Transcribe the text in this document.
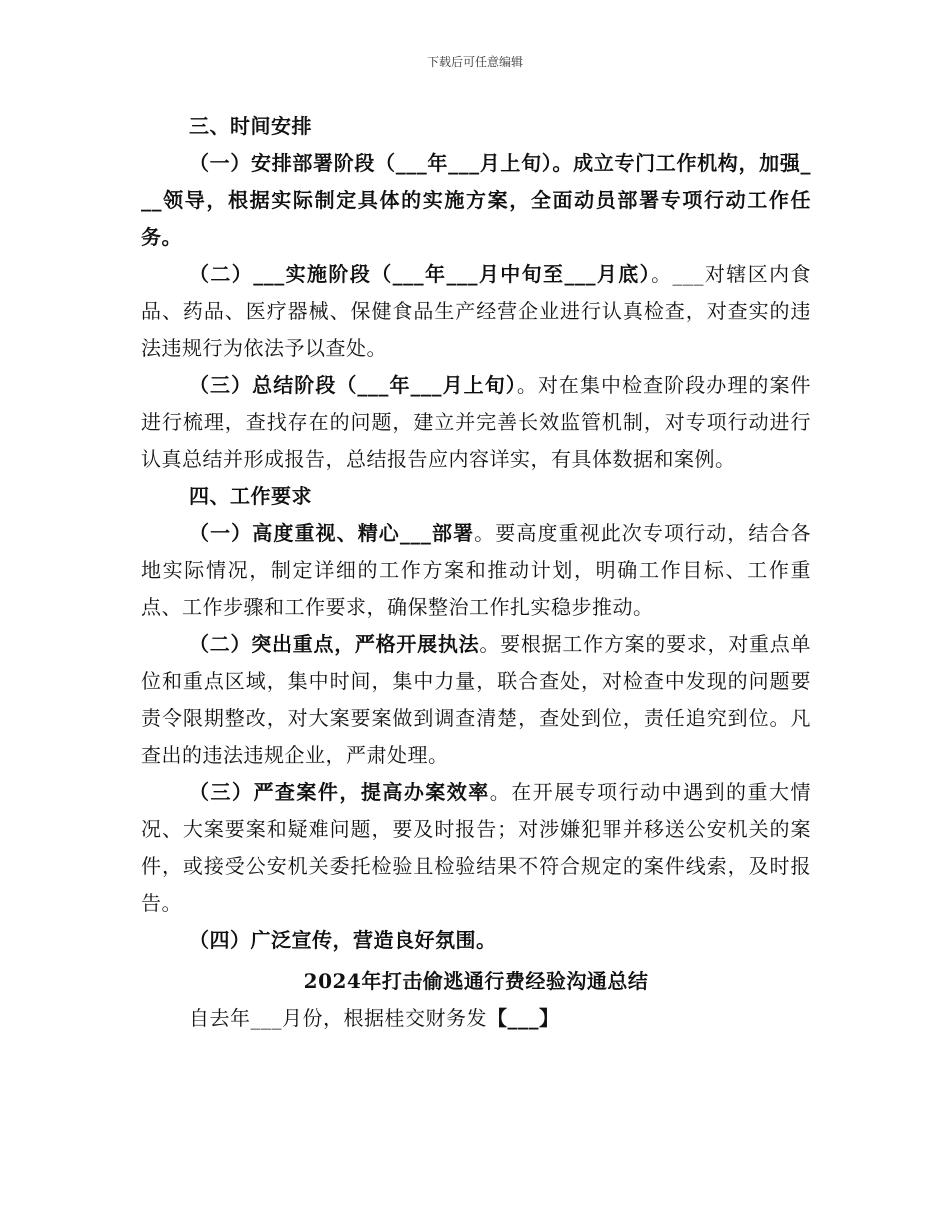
下载后可任意编辑

三、时间安排

（一）安排部署阶段（___年___月上旬）。成立专门工作机构，加强___领导，根据实际制定具体的实施方案，全面动员部署专项行动工作任务。

（二）___实施阶段（___年___月中旬至___月底）。___对辖区内食品、药品、医疗器械、保健食品生产经营企业进行认真检查，对查实的违法违规行为依法予以查处。

（三）总结阶段（___年___月上旬）。对在集中检查阶段办理的案件进行梳理，查找存在的问题，建立并完善长效监管机制，对专项行动进行认真总结并形成报告，总结报告应内容详实，有具体数据和案例。

四、工作要求

（一）高度重视、精心___部署。要高度重视此次专项行动，结合各地实际情况，制定详细的工作方案和推动计划，明确工作目标、工作重点、工作步骤和工作要求，确保整治工作扎实稳步推动。

（二）突出重点，严格开展执法。要根据工作方案的要求，对重点单位和重点区域，集中时间，集中力量，联合查处，对检查中发现的问题要责令限期整改，对大案要案做到调查清楚，查处到位，责任追究到位。凡查出的违法违规企业，严肃处理。

（三）严查案件，提高办案效率。在开展专项行动中遇到的重大情况、大案要案和疑难问题，要及时报告；对涉嫌犯罪并移送公安机关的案件，或接受公安机关委托检验且检验结果不符合规定的案件线索，及时报告。

（四）广泛宣传，营造良好氛围。

2024年打击偷逃通行费经验沟通总结

自去年___月份，根据桂交财务发【___】
